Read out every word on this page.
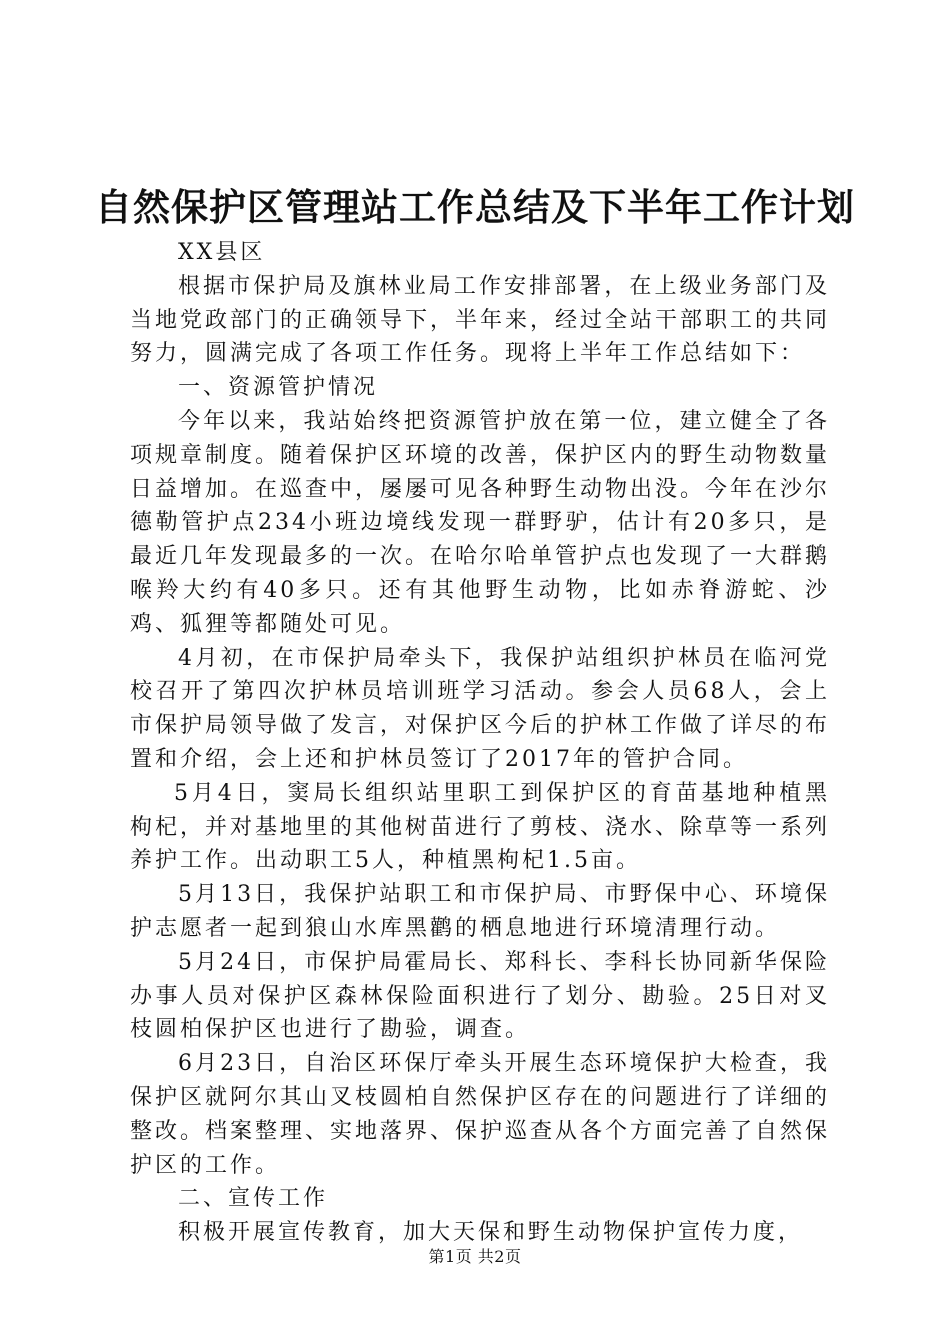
自然保护区管理站工作总结及下半年工作计划

XX县区

根据市保护局及旗林业局工作安排部署，在上级业务部门及当地党政部门的正确领导下，半年来，经过全站干部职工的共同努力，圆满完成了各项工作任务。现将上半年工作总结如下：

一、资源管护情况

今年以来，我站始终把资源管护放在第一位，建立健全了各项规章制度。随着保护区环境的改善，保护区内的野生动物数量日益增加。在巡查中，屡屡可见各种野生动物出没。今年在沙尔德勒管护点234小班边境线发现一群野驴，估计有20多只，是最近几年发现最多的一次。在哈尔哈单管护点也发现了一大群鹅喉羚大约有40多只。还有其他野生动物，比如赤脊游蛇、沙鸡、狐狸等都随处可见。

4月初，在市保护局牵头下，我保护站组织护林员在临河党校召开了第四次护林员培训班学习活动。参会人员68人，会上市保护局领导做了发言，对保护区今后的护林工作做了详尽的布置和介绍，会上还和护林员签订了2017年的管护合同。

5月4日，窦局长组织站里职工到保护区的育苗基地种植黑枸杞，并对基地里的其他树苗进行了剪枝、浇水、除草等一系列养护工作。出动职工5人，种植黑枸杞1.5亩。

5月13日，我保护站职工和市保护局、市野保中心、环境保护志愿者一起到狼山水库黑鹳的栖息地进行环境清理行动。

5月24日，市保护局霍局长、郑科长、李科长协同新华保险办事人员对保护区森林保险面积进行了划分、勘验。25日对叉枝圆柏保护区也进行了勘验，调查。

6月23日，自治区环保厅牵头开展生态环境保护大检查，我保护区就阿尔其山叉枝圆柏自然保护区存在的问题进行了详细的整改。档案整理、实地落界、保护巡查从各个方面完善了自然保护区的工作。

二、宣传工作

积极开展宣传教育，加大天保和野生动物保护宣传力度，

第1页 共2页
